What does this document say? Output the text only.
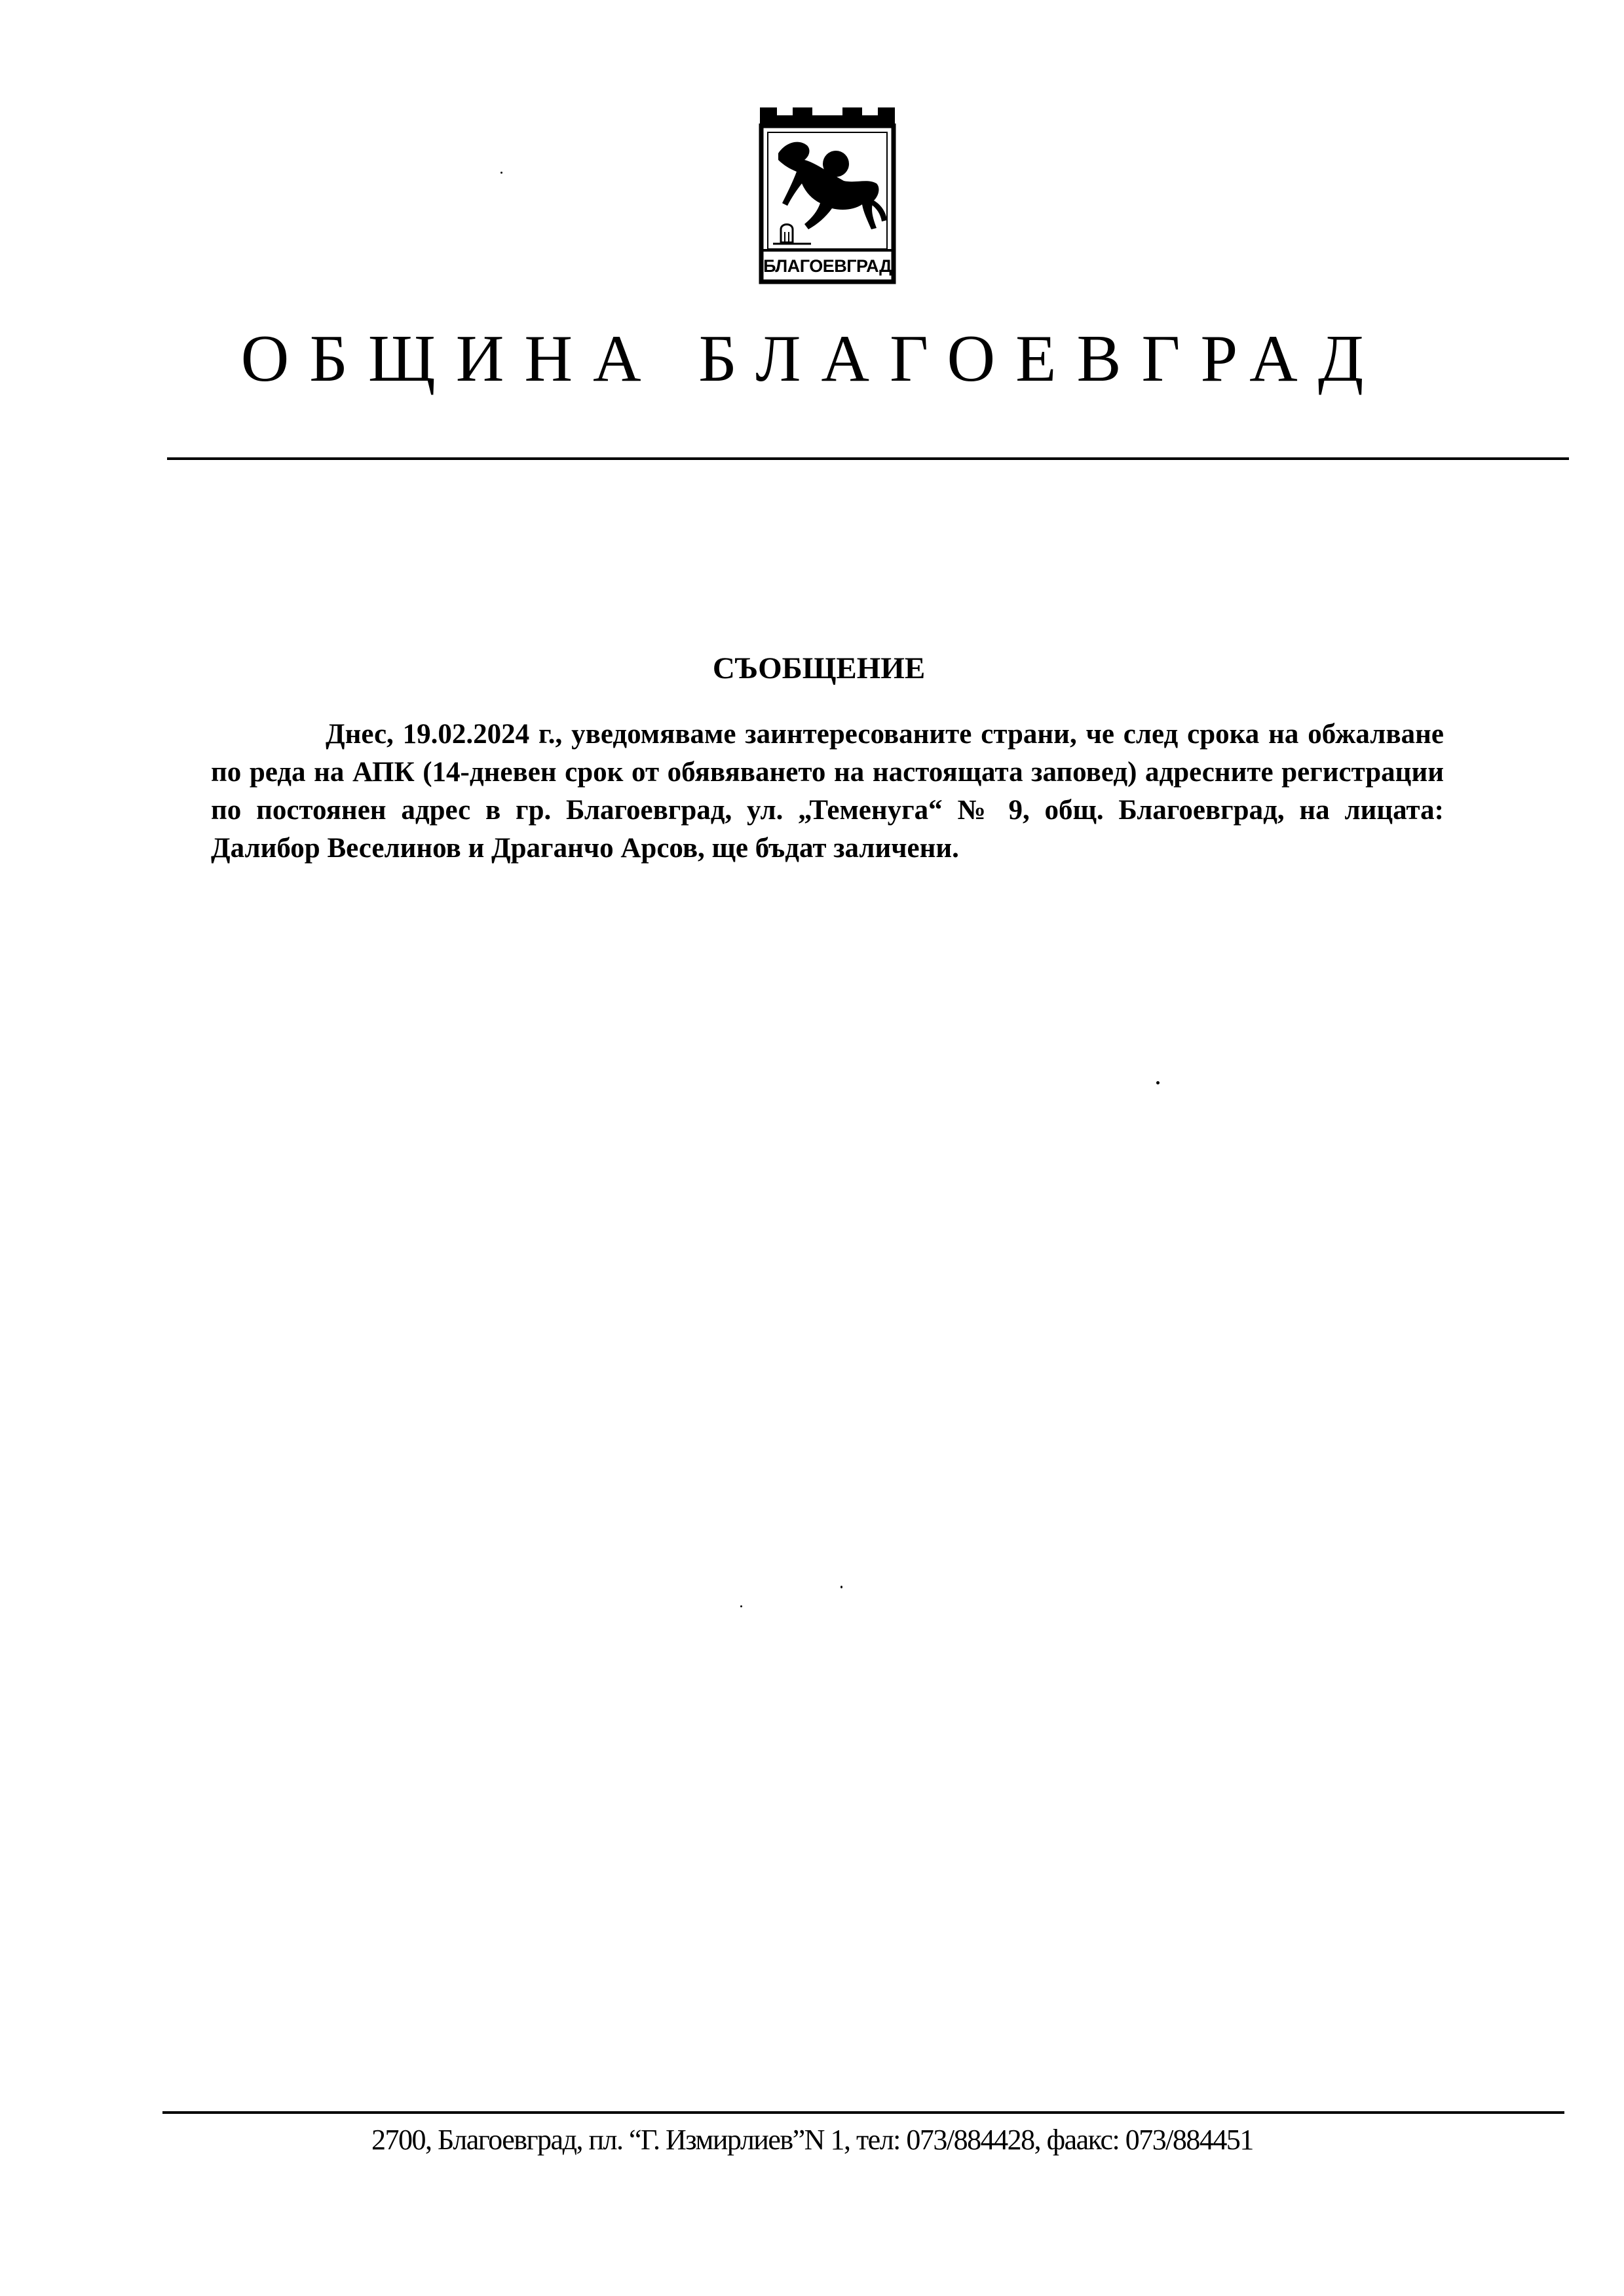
БЛАГОЕВГРАД
ОБЩИНА БЛАГОЕВГРАД
СЪОБЩЕНИЕ
Днес, 19.02.2024 г., уведомяваме заинтересованите страни, че след срока на обжалване по реда на АПК (14-дневен срок от обявяването на настоящата заповед) адресните регистрации по постоянен адрес в гр. Благоевград, ул. „Теменуга“ № 9, общ. Благоевград, на лицата: Далибор Веселинов и Драганчо Арсов, ще бъдат заличени.
2700, Благоевград, пл. “Г. Измирлиев”N 1, тел: 073/884428, фаакс: 073/884451
